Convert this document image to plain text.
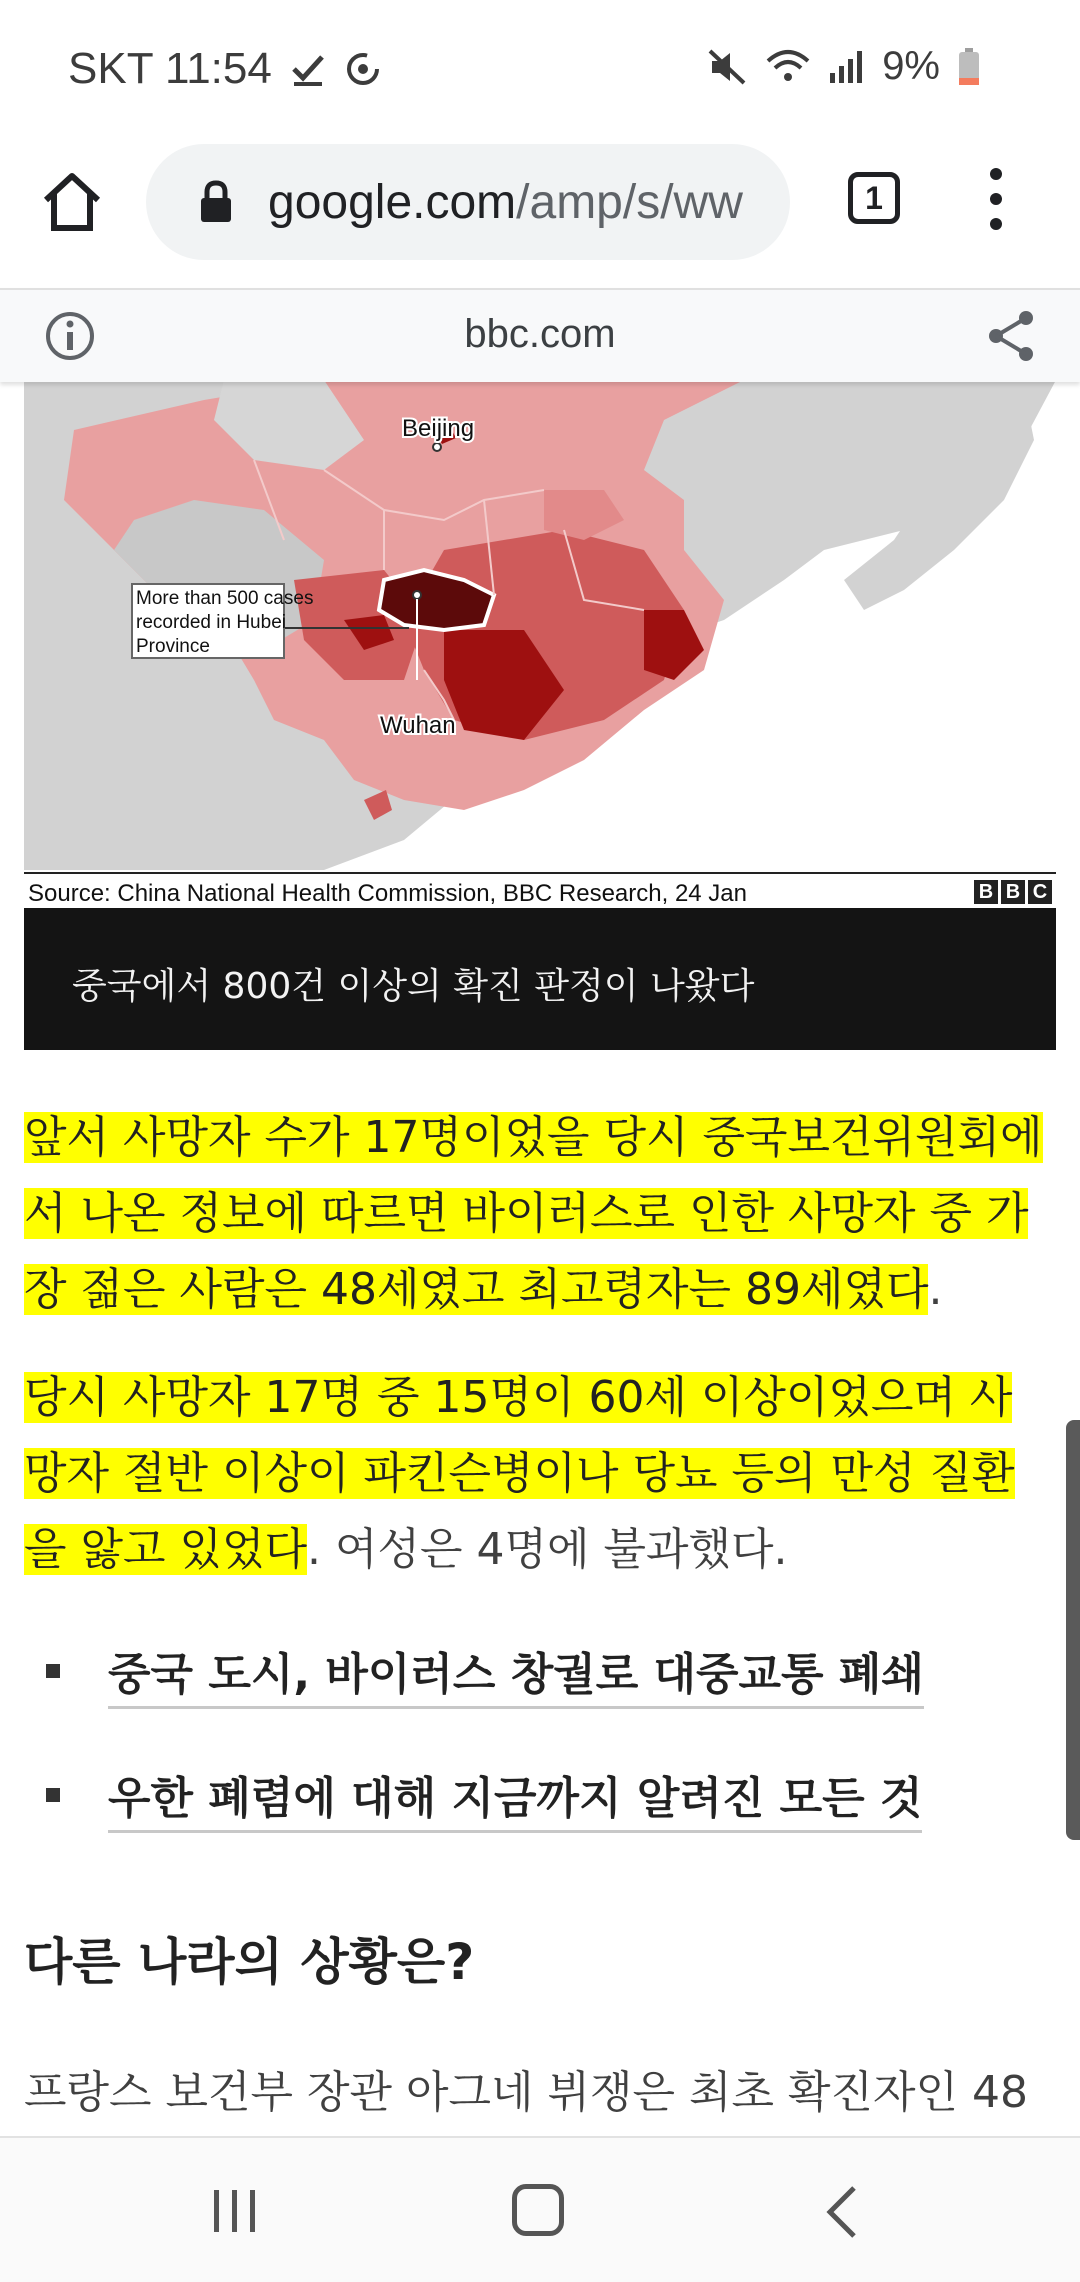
SKT 11:54	9%
google.com/amp/s/ww	1
bbc.com
Beijing
Wuhan
More than 500 cases recorded in Hubei Province
Source: China National Health Commission, BBC Research, 24 Jan	B B C
중국에서 800건 이상의 확진 판정이 나왔다

앞서 사망자 수가 17명이었을 당시 중국보건위원회에서 나온 정보에 따르면 바이러스로 인한 사망자 중 가장 젊은 사람은 48세였고 최고령자는 89세였다.

당시 사망자 17명 중 15명이 60세 이상이었으며 사망자 절반 이상이 파킨슨병이나 당뇨 등의 만성 질환을 앓고 있었다. 여성은 4명에 불과했다.

중국 도시, 바이러스 창궐로 대중교통 폐쇄
우한 폐렴에 대해 지금까지 알려진 모든 것
다른 나라의 상황은?
프랑스 보건부 장관 아그네 뷔쟁은 최초 확진자인 48
